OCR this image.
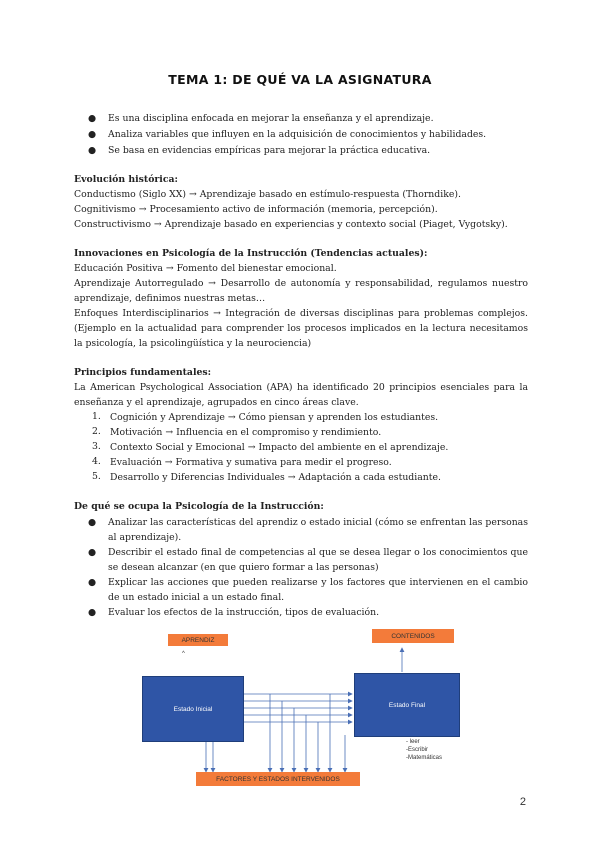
TEMA 1: DE QUÉ VA LA ASIGNATURA
● Es una disciplina enfocada en mejorar la enseñanza y el aprendizaje.
● Analiza variables que influyen en la adquisición de conocimientos y habilidades.
● Se basa en evidencias empíricas para mejorar la práctica educativa.
Evolución histórica:
Conductismo (Siglo XX) → Aprendizaje basado en estímulo-respuesta (Thorndike).
Cognitivismo → Procesamiento activo de información (memoria, percepción).
Constructivismo → Aprendizaje basado en experiencias y contexto social (Piaget, Vygotsky).
Innovaciones en Psicología de la Instrucción (Tendencias actuales):
Educación Positiva → Fomento del bienestar emocional.
Aprendizaje Autorregulado → Desarrollo de autonomía y responsabilidad, regulamos nuestro aprendizaje, definimos nuestras metas…
Enfoques Interdisciplinarios → Integración de diversas disciplinas para problemas complejos. (Ejemplo en la actualidad para comprender los procesos implicados en la lectura necesitamos la psicología, la psicolingüística y la neurociencia)
Principios fundamentales:
La American Psychological Association (APA) ha identificado 20 principios esenciales para la enseñanza y el aprendizaje, agrupados en cinco áreas clave.
1. Cognición y Aprendizaje → Cómo piensan y aprenden los estudiantes.
2. Motivación → Influencia en el compromiso y rendimiento.
3. Contexto Social y Emocional → Impacto del ambiente en el aprendizaje.
4. Evaluación → Formativa y sumativa para medir el progreso.
5. Desarrollo y Diferencias Individuales → Adaptación a cada estudiante.
De qué se ocupa la Psicología de la Instrucción:
● Analizar las características del aprendiz o estado inicial (cómo se enfrentan las personas al aprendizaje).
● Describir el estado final de competencias al que se desea llegar o los conocimientos que se desean alcanzar (en que quiero formar a las personas)
● Explicar las acciones que pueden realizarse y los factores que intervienen en el cambio de un estado inicial a un estado final.
● Evaluar los efectos de la instrucción, tipos de evaluación.
APRENDIZ
^
CONTENIDOS
Estado Inicial
Estado Final
- leer
-Escribir
-Matemáticas
FACTORES Y ESTADOS INTERVENIDOS
2
